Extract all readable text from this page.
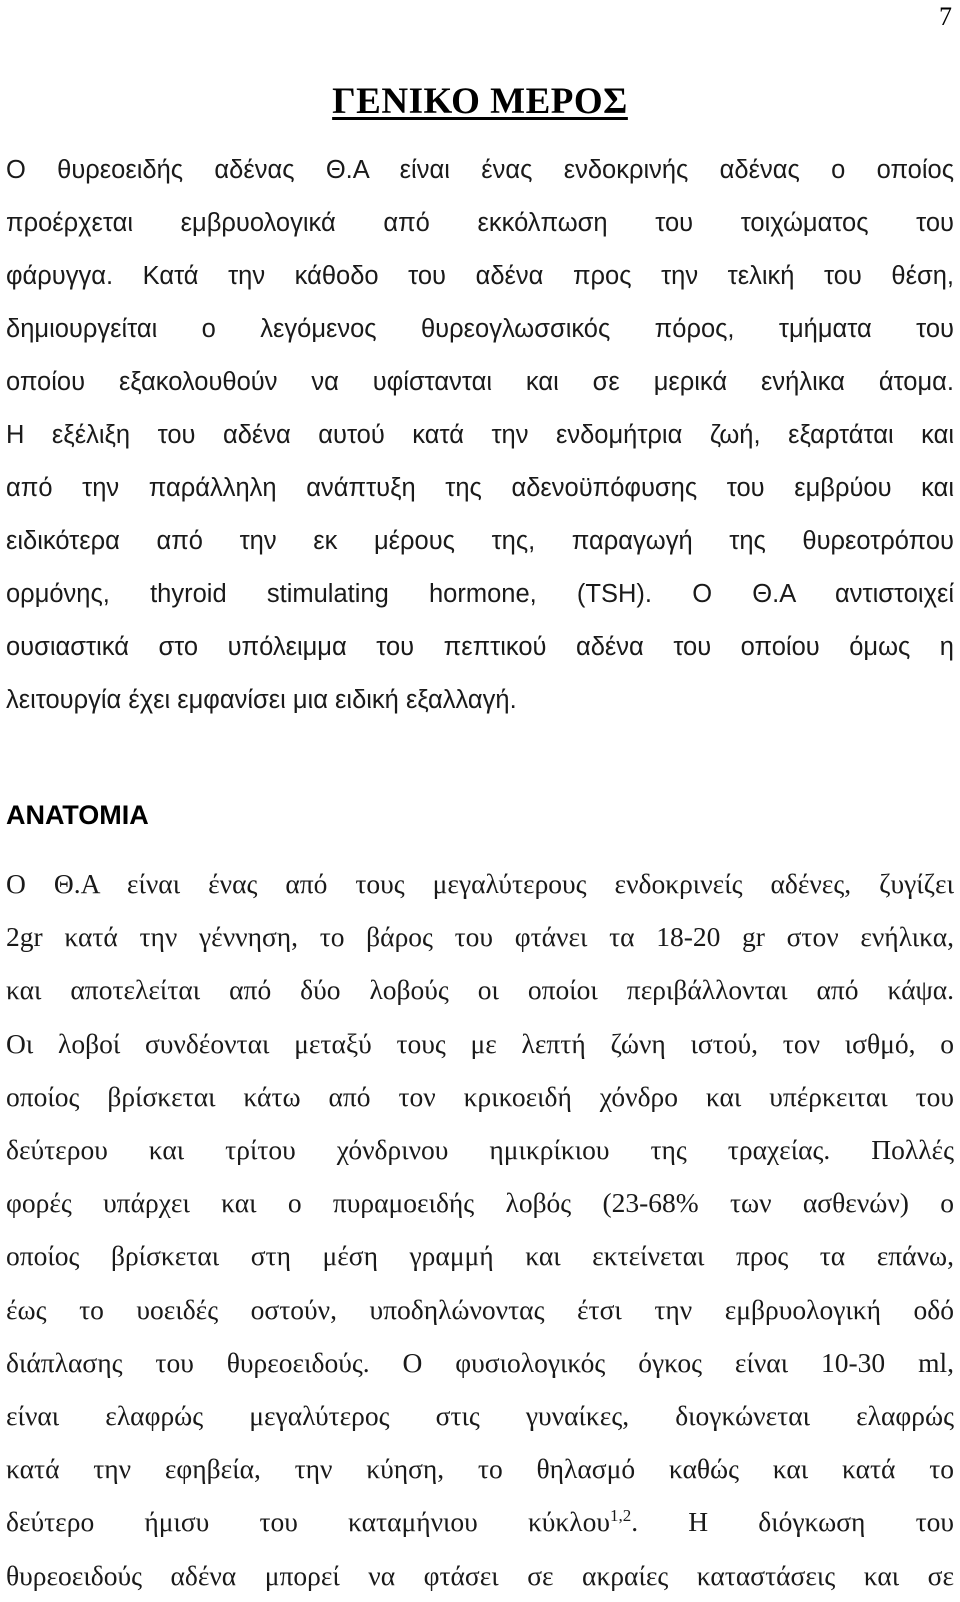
7
ΓΕΝΙΚΟ ΜΕΡΟΣ
Ο θυρεοειδής αδένας Θ.Α είναι ένας ενδοκρινής αδένας ο οποίος
προέρχεται εμβρυολογικά από εκκόλπωση του τοιχώματος του
φάρυγγα. Κατά την κάθοδο του αδένα προς την τελική του θέση,
δημιουργείται ο λεγόμενος θυρεογλωσσικός πόρος, τμήματα του
οποίου εξακολουθούν να υφίστανται και σε μερικά ενήλικα άτομα.
Η εξέλιξη του αδένα αυτού κατά την ενδομήτρια ζωή, εξαρτάται και
από την παράλληλη ανάπτυξη της αδενοϋπόφυσης του εμβρύου και
ειδικότερα από την εκ μέρους της, παραγωγή της θυρεοτρόπου
ορμόνης, thyroid stimulating hormone, (TSH). Ο Θ.Α αντιστοιχεί
ουσιαστικά στο υπόλειμμα του πεπτικού αδένα του οποίου όμως η
λειτουργία έχει εμφανίσει μια ειδική εξαλλαγή.
ΑΝΑΤΟΜΙΑ
Ο Θ.Α είναι ένας από τους μεγαλύτερους ενδοκρινείς αδένες, ζυγίζει
2gr κατά την γέννηση, το βάρος του φτάνει τα 18-20 gr στον ενήλικα,
και αποτελείται από δύο λοβούς οι οποίοι περιβάλλονται από κάψα.
Οι λοβοί συνδέονται μεταξύ τους με λεπτή ζώνη ιστού, τον ισθμό, ο
οποίος βρίσκεται κάτω από τον κρικοειδή χόνδρο και υπέρκειται του
δεύτερου και τρίτου χόνδρινου ημικρίκιου της τραχείας. Πολλές
φορές υπάρχει και ο πυραμοειδής λοβός (23-68% των ασθενών) ο
οποίος βρίσκεται στη μέση γραμμή και εκτείνεται προς τα επάνω,
έως το υοειδές οστούν, υποδηλώνοντας έτσι την εμβρυολογική οδό
διάπλασης του θυρεοειδούς. Ο φυσιολογικός όγκος είναι 10-30 ml,
είναι ελαφρώς μεγαλύτερος στις γυναίκες, διογκώνεται ελαφρώς
κατά την εφηβεία, την κύηση, το θηλασμό καθώς και κατά το
δεύτερο ήμισυ του καταμήνιου κύκλου$^{1,2}$. Η διόγκωση του
θυρεοειδούς αδένα μπορεί να φτάσει σε ακραίες καταστάσεις και σε
